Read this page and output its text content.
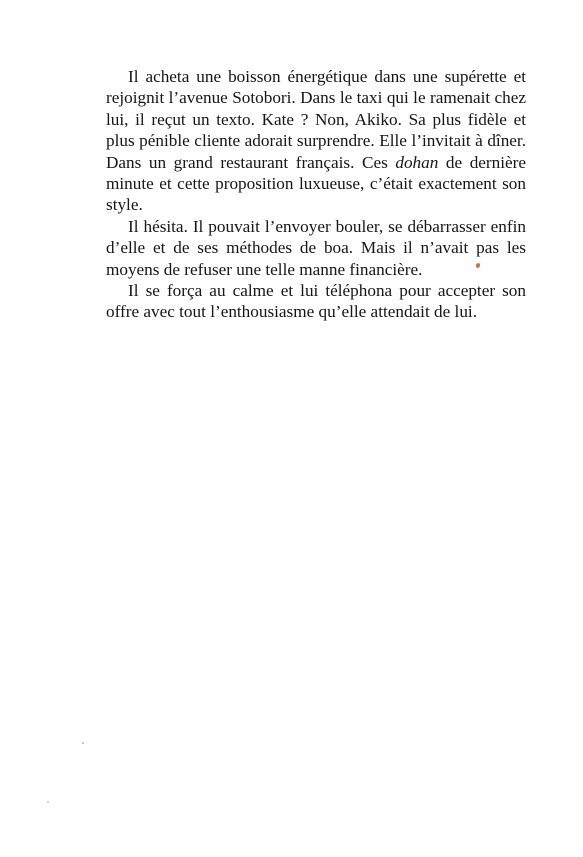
Il acheta une boisson énergétique dans une supérette et rejoignit l’avenue Sotobori. Dans le taxi qui le ramenait chez lui, il reçut un texto. Kate ? Non, Akiko. Sa plus fidèle et plus pénible cliente adorait surprendre. Elle l’invitait à dîner. Dans un grand restaurant français. Ces dohan de dernière minute et cette proposition luxueuse, c’était exactement son style.

Il hésita. Il pouvait l’envoyer bouler, se débarrasser enfin d’elle et de ses méthodes de boa. Mais il n’avait pas les moyens de refuser une telle manne financière.

Il se força au calme et lui téléphona pour accepter son offre avec tout l’enthousiasme qu’elle attendait de lui.
